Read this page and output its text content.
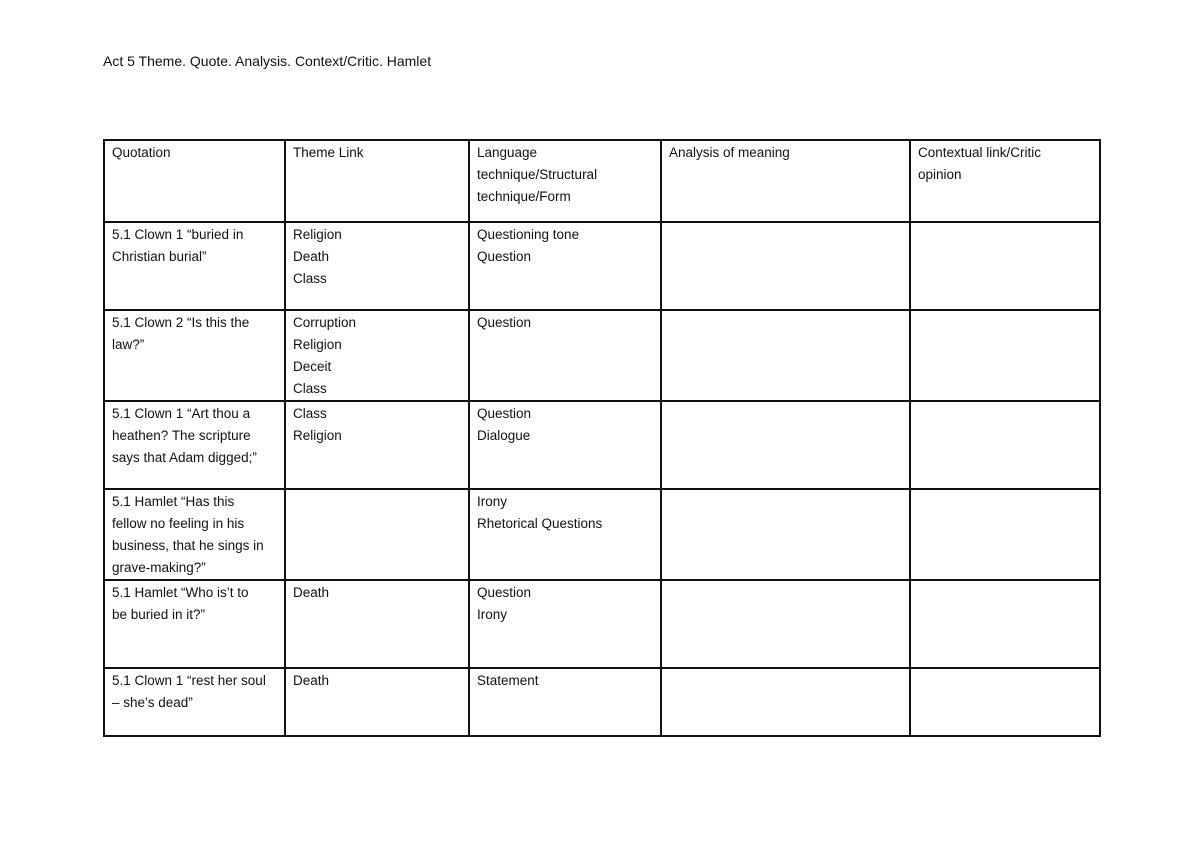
Act 5 Theme. Quote. Analysis. Context/Critic. Hamlet
Quotation	Theme Link	Language
technique/Structural
technique/Form	Analysis of meaning	Contextual link/Critic
opinion

5.1 Clown 1 “buried in
Christian burial”	Religion
Death
Class	Questioning tone
Question		

5.1 Clown 2 “Is this the
law?”	Corruption
Religion
Deceit
Class	Question		

5.1 Clown 1 “Art thou a
heathen? The scripture
says that Adam digged;”	Class
Religion	Question
Dialogue		

5.1 Hamlet “Has this
fellow no feeling in his
business, that he sings in
grave-making?”		Irony
Rhetorical Questions		

5.1 Hamlet “Who is’t to
be buried in it?”	Death	Question
Irony		

5.1 Clown 1 “rest her soul
– she’s dead”	Death	Statement		
